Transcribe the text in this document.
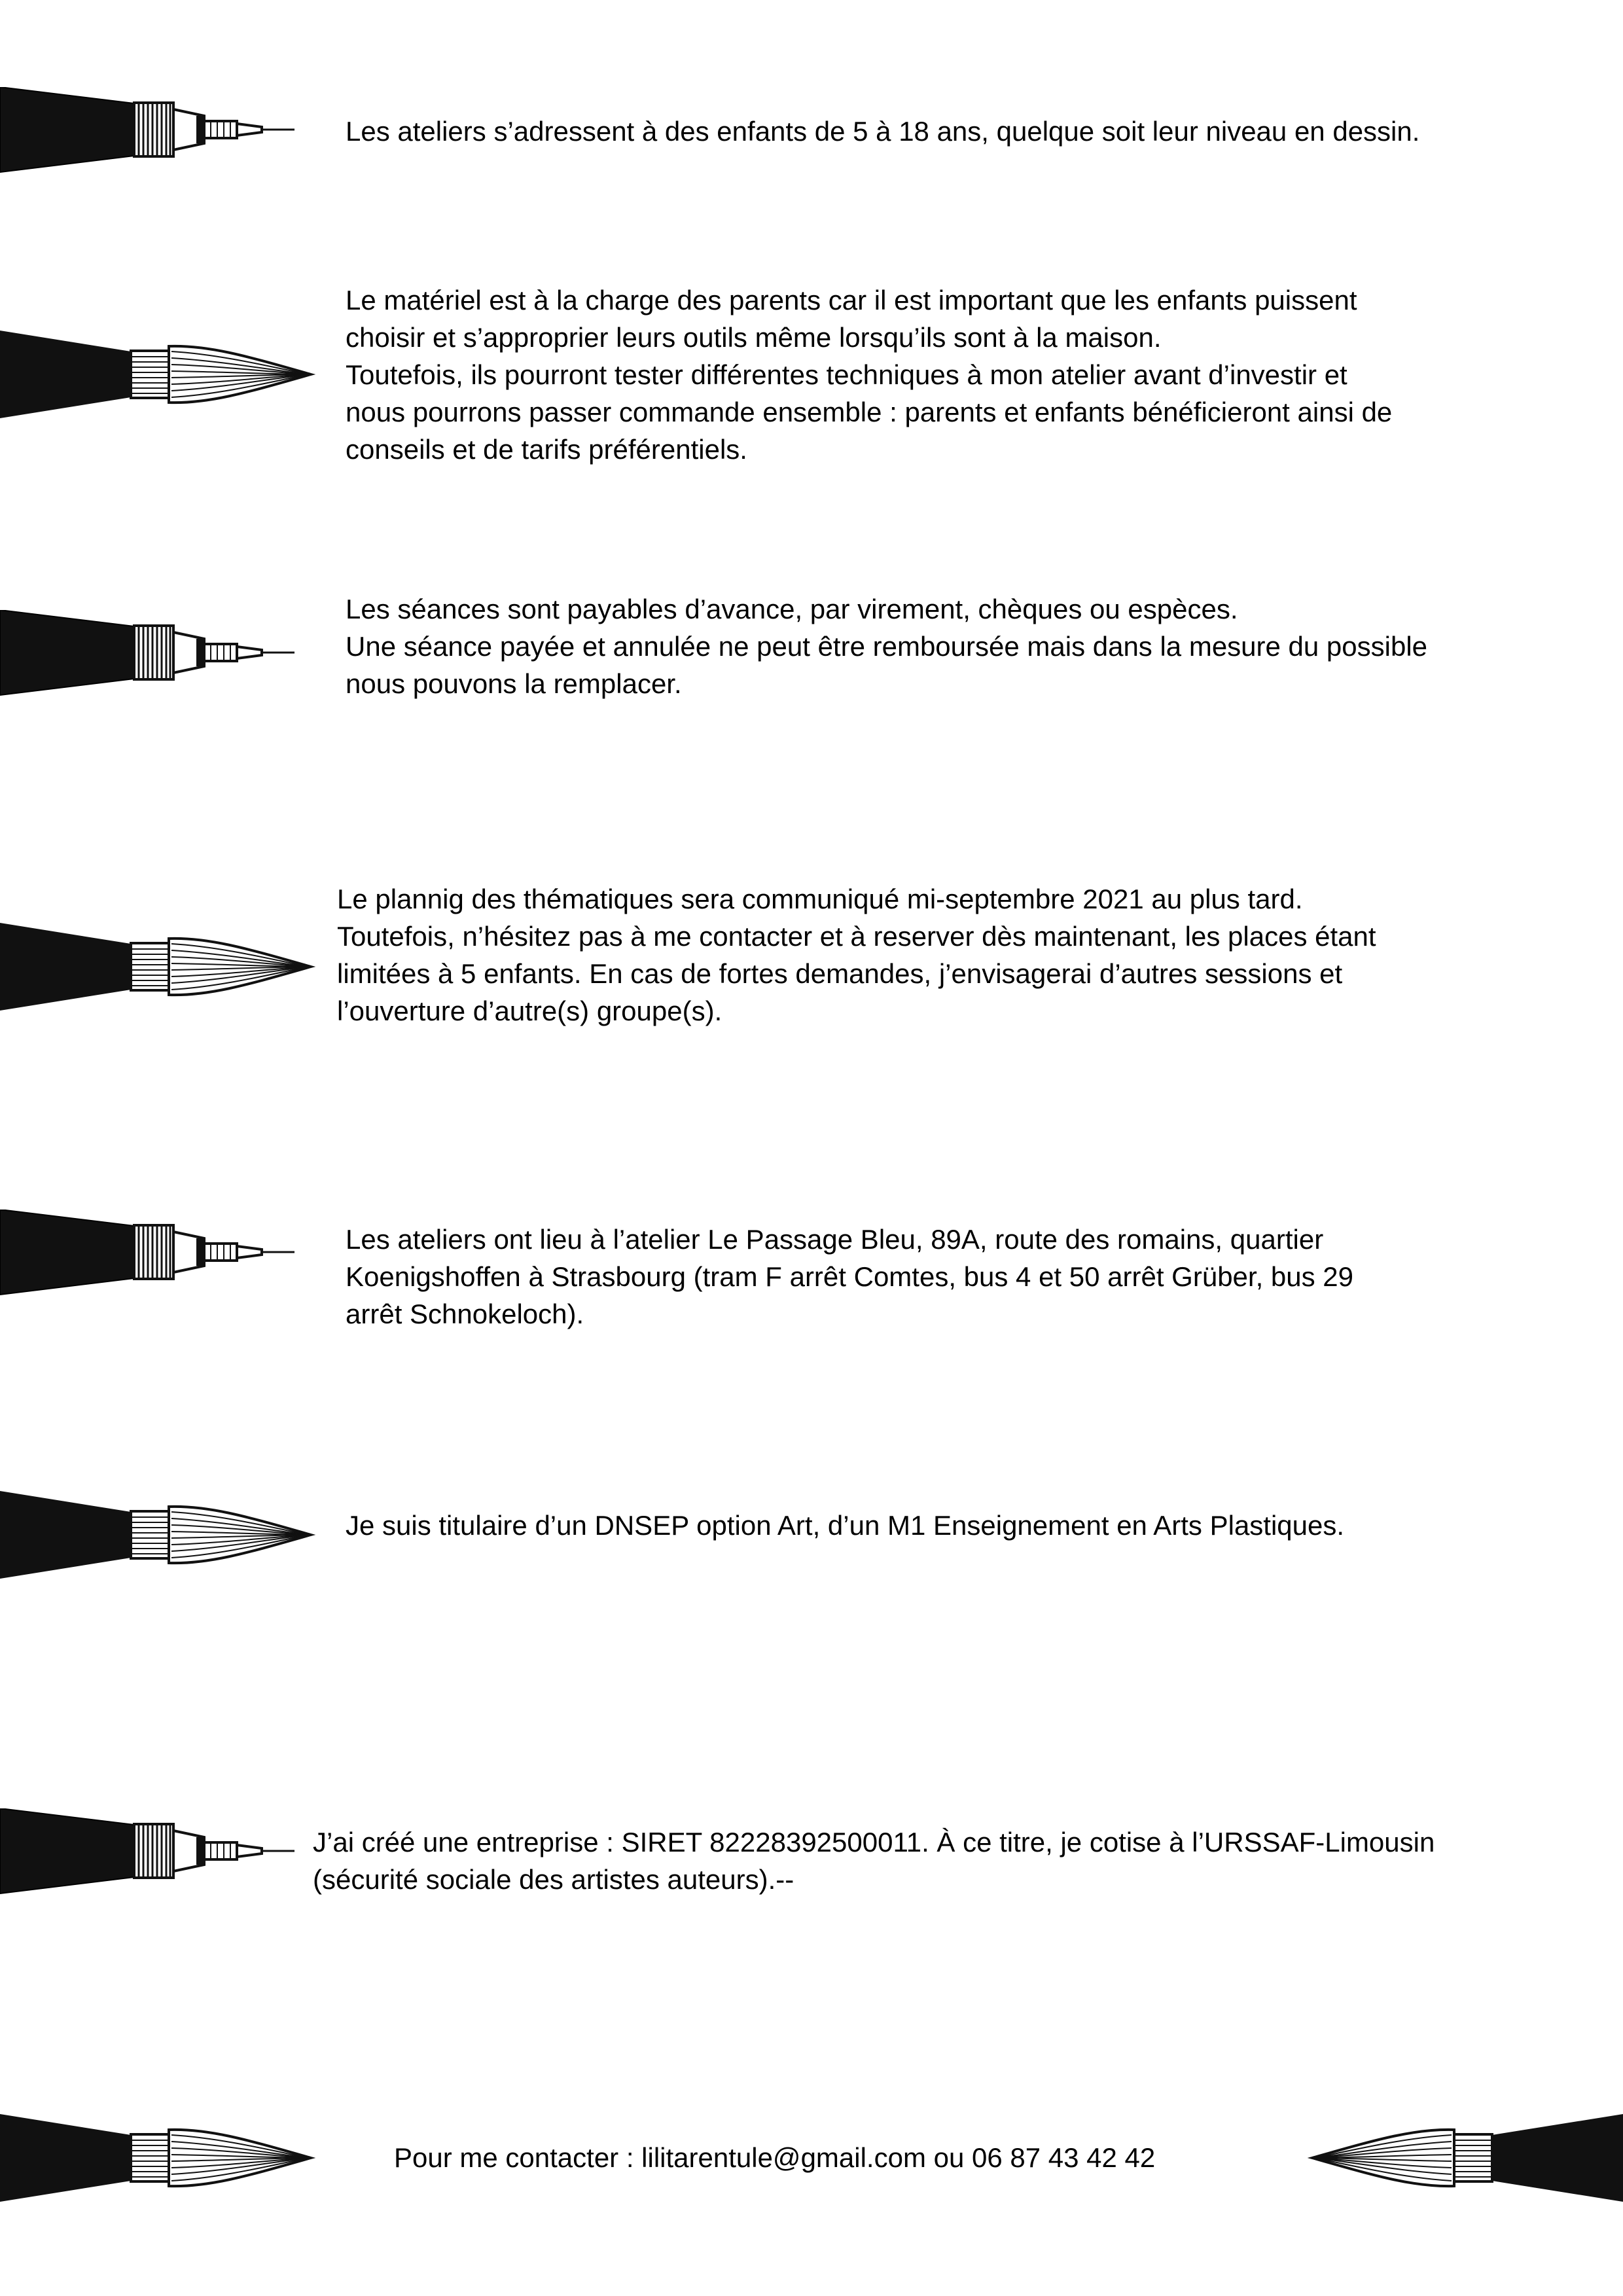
Les ateliers s’adressent à des enfants de 5 à 18 ans, quelque soit leur niveau en dessin.

Le matériel est à la charge des parents car il est important que les enfants puissent

choisir et s’approprier leurs outils même lorsqu’ils sont à la maison.

Toutefois, ils pourront tester différentes techniques à mon atelier avant d’investir et

nous pourrons passer commande ensemble : parents et enfants bénéficieront ainsi de

conseils et de tarifs préférentiels.

Les séances sont payables d’avance, par virement, chèques ou espèces.

Une séance payée et annulée ne peut être remboursée mais dans la mesure du possible

nous pouvons la remplacer.

Le plannig des thématiques sera communiqué mi-septembre 2021 au plus tard.

Toutefois, n’hésitez pas à me contacter et à reserver dès maintenant, les places étant

limitées à 5 enfants. En cas de fortes demandes, j’envisagerai d’autres sessions et

l’ouverture d’autre(s) groupe(s).

Les ateliers ont lieu à l’atelier Le Passage Bleu, 89A, route des romains, quartier

Koenigshoffen à Strasbourg (tram F arrêt Comtes, bus 4 et 50 arrêt Grüber, bus 29

arrêt Schnokeloch).

Je suis titulaire d’un DNSEP option Art, d’un M1 Enseignement en Arts Plastiques.

J’ai créé une entreprise : SIRET 82228392500011. À ce titre, je cotise à l’URSSAF-Limousin

(sécurité sociale des artistes auteurs).--

Pour me contacter : lilitarentule@gmail.com ou 06 87 43 42 42
